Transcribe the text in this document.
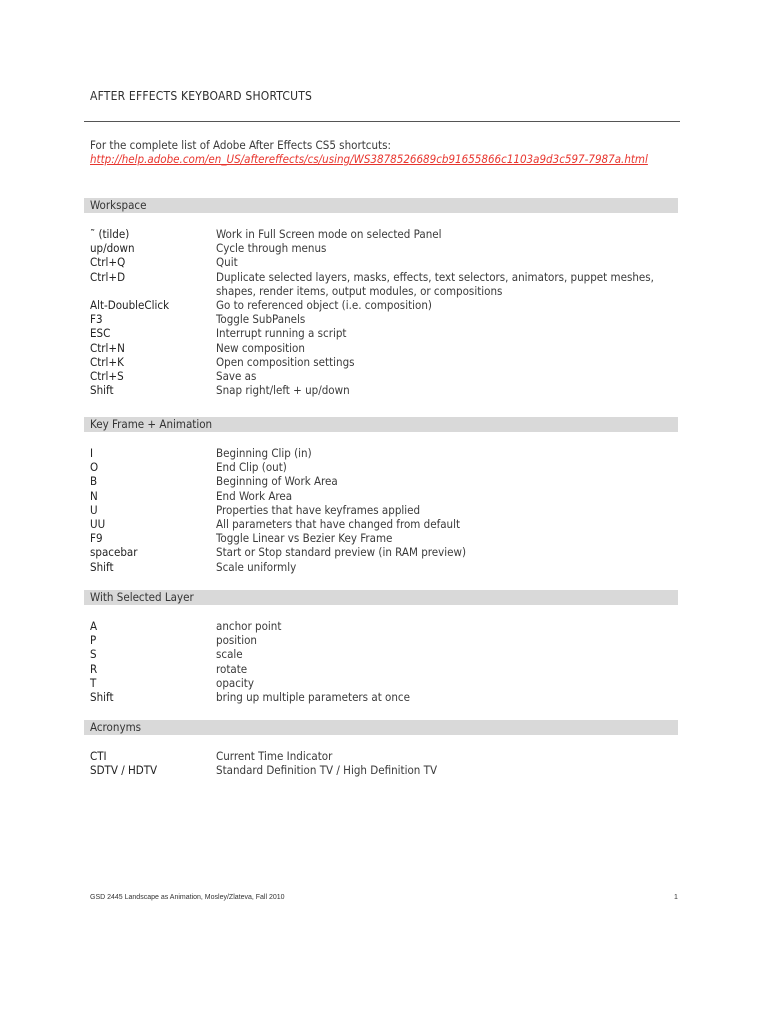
AFTER EFFECTS KEYBOARD SHORTCUTS
For the complete list of Adobe After Effects CS5 shortcuts:
http://help.adobe.com/en_US/aftereffects/cs/using/WS3878526689cb91655866c1103a9d3c597-7987a.html
Workspace
˜ (tilde)	Work in Full Screen mode on selected Panel
up/down	Cycle through menus
Ctrl+Q	Quit
Ctrl+D	Duplicate selected layers, masks, effects, text selectors, animators, puppet meshes,
shapes, render items, output modules, or compositions
Alt-DoubleClick	Go to referenced object (i.e. composition)
F3	Toggle SubPanels
ESC	Interrupt running a script
Ctrl+N	New composition
Ctrl+K	Open composition settings
Ctrl+S	Save as
Shift	Snap right/left + up/down
Key Frame + Animation
I	Beginning Clip (in)
O	End Clip (out)
B	Beginning of Work Area
N	End Work Area
U	Properties that have keyframes applied
UU	All parameters that have changed from default
F9	Toggle Linear vs Bezier Key Frame
spacebar	Start or Stop standard preview (in RAM preview)
Shift	Scale uniformly
With Selected Layer
A	anchor point
P	position
S	scale
R	rotate
T	opacity
Shift	bring up multiple parameters at once
Acronyms
CTI	Current Time Indicator
SDTV / HDTV	Standard Definition TV / High Definition TV
GSD 2445 Landscape as Animation, Mosley/Zlateva, Fall 2010	1
